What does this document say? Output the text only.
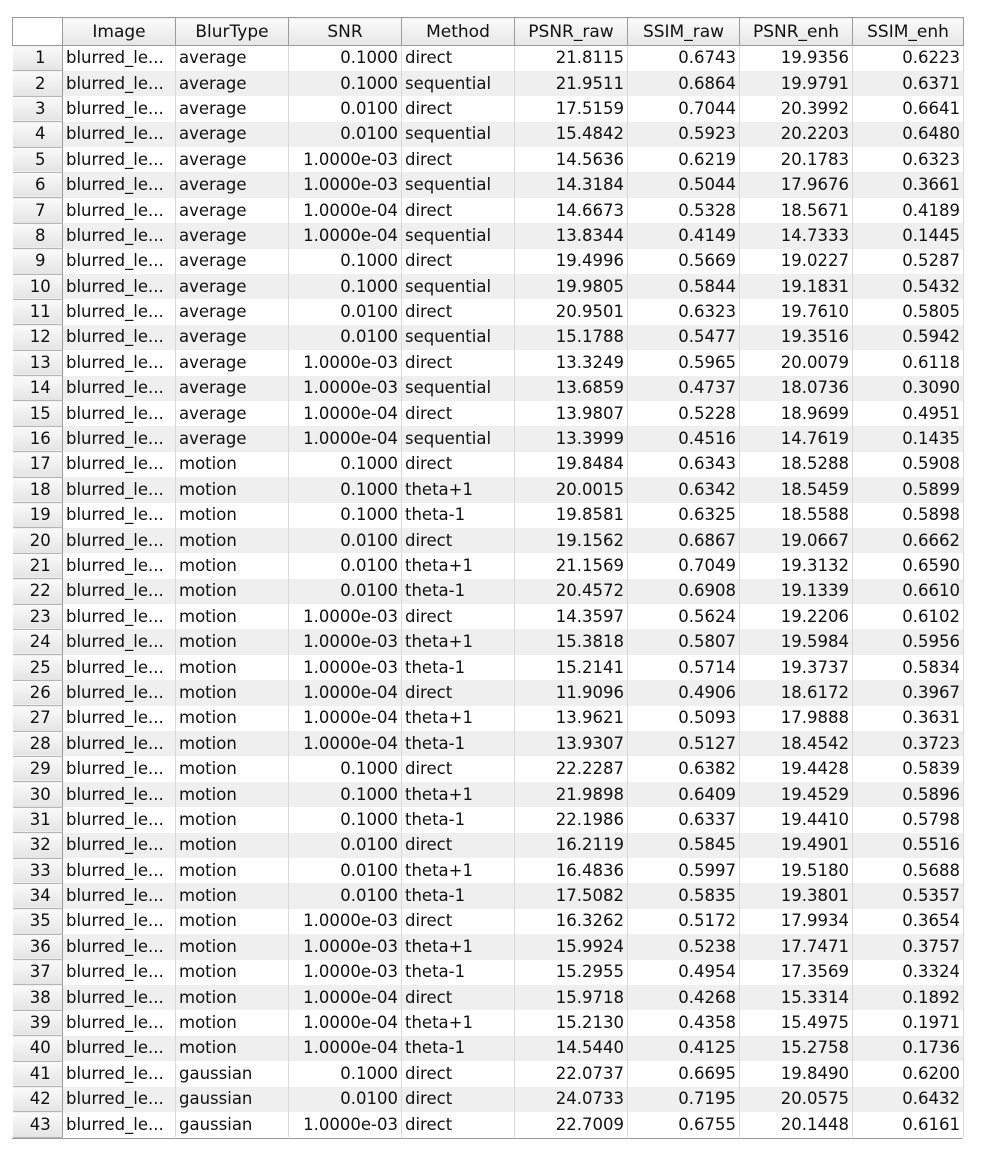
	Image	BlurType	SNR	Method	PSNR_raw	SSIM_raw	PSNR_enh	SSIM_enh
1	blurred_le...	average	0.1000	direct	21.8115	0.6743	19.9356	0.6223
2	blurred_le...	average	0.1000	sequential	21.9511	0.6864	19.9791	0.6371
3	blurred_le...	average	0.0100	direct	17.5159	0.7044	20.3992	0.6641
4	blurred_le...	average	0.0100	sequential	15.4842	0.5923	20.2203	0.6480
5	blurred_le...	average	1.0000e-03	direct	14.5636	0.6219	20.1783	0.6323
6	blurred_le...	average	1.0000e-03	sequential	14.3184	0.5044	17.9676	0.3661
7	blurred_le...	average	1.0000e-04	direct	14.6673	0.5328	18.5671	0.4189
8	blurred_le...	average	1.0000e-04	sequential	13.8344	0.4149	14.7333	0.1445
9	blurred_le...	average	0.1000	direct	19.4996	0.5669	19.0227	0.5287
10	blurred_le...	average	0.1000	sequential	19.9805	0.5844	19.1831	0.5432
11	blurred_le...	average	0.0100	direct	20.9501	0.6323	19.7610	0.5805
12	blurred_le...	average	0.0100	sequential	15.1788	0.5477	19.3516	0.5942
13	blurred_le...	average	1.0000e-03	direct	13.3249	0.5965	20.0079	0.6118
14	blurred_le...	average	1.0000e-03	sequential	13.6859	0.4737	18.0736	0.3090
15	blurred_le...	average	1.0000e-04	direct	13.9807	0.5228	18.9699	0.4951
16	blurred_le...	average	1.0000e-04	sequential	13.3999	0.4516	14.7619	0.1435
17	blurred_le...	motion	0.1000	direct	19.8484	0.6343	18.5288	0.5908
18	blurred_le...	motion	0.1000	theta+1	20.0015	0.6342	18.5459	0.5899
19	blurred_le...	motion	0.1000	theta-1	19.8581	0.6325	18.5588	0.5898
20	blurred_le...	motion	0.0100	direct	19.1562	0.6867	19.0667	0.6662
21	blurred_le...	motion	0.0100	theta+1	21.1569	0.7049	19.3132	0.6590
22	blurred_le...	motion	0.0100	theta-1	20.4572	0.6908	19.1339	0.6610
23	blurred_le...	motion	1.0000e-03	direct	14.3597	0.5624	19.2206	0.6102
24	blurred_le...	motion	1.0000e-03	theta+1	15.3818	0.5807	19.5984	0.5956
25	blurred_le...	motion	1.0000e-03	theta-1	15.2141	0.5714	19.3737	0.5834
26	blurred_le...	motion	1.0000e-04	direct	11.9096	0.4906	18.6172	0.3967
27	blurred_le...	motion	1.0000e-04	theta+1	13.9621	0.5093	17.9888	0.3631
28	blurred_le...	motion	1.0000e-04	theta-1	13.9307	0.5127	18.4542	0.3723
29	blurred_le...	motion	0.1000	direct	22.2287	0.6382	19.4428	0.5839
30	blurred_le...	motion	0.1000	theta+1	21.9898	0.6409	19.4529	0.5896
31	blurred_le...	motion	0.1000	theta-1	22.1986	0.6337	19.4410	0.5798
32	blurred_le...	motion	0.0100	direct	16.2119	0.5845	19.4901	0.5516
33	blurred_le...	motion	0.0100	theta+1	16.4836	0.5997	19.5180	0.5688
34	blurred_le...	motion	0.0100	theta-1	17.5082	0.5835	19.3801	0.5357
35	blurred_le...	motion	1.0000e-03	direct	16.3262	0.5172	17.9934	0.3654
36	blurred_le...	motion	1.0000e-03	theta+1	15.9924	0.5238	17.7471	0.3757
37	blurred_le...	motion	1.0000e-03	theta-1	15.2955	0.4954	17.3569	0.3324
38	blurred_le...	motion	1.0000e-04	direct	15.9718	0.4268	15.3314	0.1892
39	blurred_le...	motion	1.0000e-04	theta+1	15.2130	0.4358	15.4975	0.1971
40	blurred_le...	motion	1.0000e-04	theta-1	14.5440	0.4125	15.2758	0.1736
41	blurred_le...	gaussian	0.1000	direct	22.0737	0.6695	19.8490	0.6200
42	blurred_le...	gaussian	0.0100	direct	24.0733	0.7195	20.0575	0.6432
43	blurred_le...	gaussian	1.0000e-03	direct	22.7009	0.6755	20.1448	0.6161
